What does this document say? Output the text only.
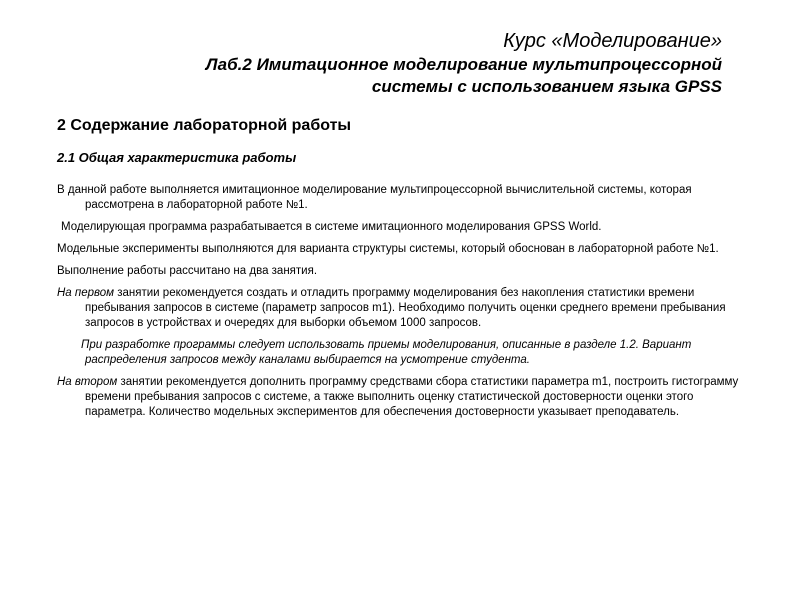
Курс «Моделирование»
Лаб.2 Имитационное моделирование мультипроцессорной
системы с использованием языка GPSS
2 Содержание лабораторной работы
2.1 Общая характеристика работы

В данной работе выполняется имитационное моделирование мультипроцессорной вычислительной системы, которая рассмотрена в лабораторной работе №1.

Моделирующая программа разрабатывается в системе имитационного моделирования GPSS World.

Модельные эксперименты выполняются для варианта структуры системы, который обоснован в лабораторной работе №1.

Выполнение работы рассчитано на два занятия.

На первом занятии рекомендуется создать и отладить программу моделирования без накопления статистики времени пребывания запросов в системе (параметр запросов m1). Необходимо получить оценки среднего времени пребывания запросов в устройствах и очередях для выборки объемом 1000 запросов.

При разработке программы следует использовать приемы моделирования, описанные в разделе 1.2. Вариант распределения запросов между каналами выбирается на усмотрение студента.

На втором занятии рекомендуется дополнить программу средствами сбора статистики параметра m1, построить гистограмму времени пребывания запросов с системе, а также выполнить оценку статистической достоверности оценки этого параметра. Количество модельных экспериментов для обеспечения достоверности указывает преподаватель.
